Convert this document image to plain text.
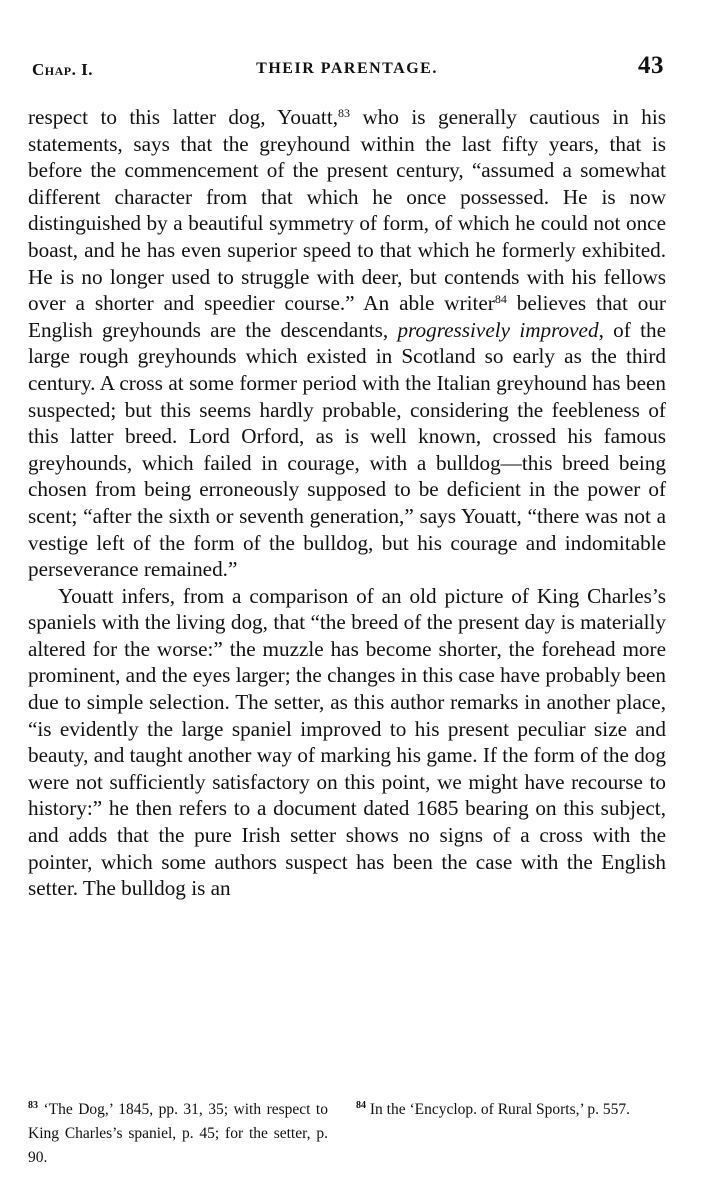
Chap. I.	THEIR PARENTAGE.	43

respect to this latter dog, Youatt,$^{83}$ who is generally cautious in his statements, says that the greyhound within the last fifty years, that is before the commencement of the present century, “assumed a somewhat different character from that which he once possessed. He is now distinguished by a beautiful symmetry of form, of which he could not once boast, and he has even superior speed to that which he formerly exhibited. He is no longer used to struggle with deer, but contends with his fellows over a shorter and speedier course.” An able writer$^{84}$ believes that our English greyhounds are the descendants, progressively improved, of the large rough greyhounds which existed in Scotland so early as the third century. A cross at some former period with the Italian greyhound has been suspected; but this seems hardly probable, considering the feebleness of this latter breed. Lord Orford, as is well known, crossed his famous greyhounds, which failed in courage, with a bulldog—this breed being chosen from being erroneously supposed to be deficient in the power of scent; “after the sixth or seventh generation,” says Youatt, “there was not a vestige left of the form of the bulldog, but his courage and indomitable perseverance remained.”

Youatt infers, from a comparison of an old picture of King Charles’s spaniels with the living dog, that “the breed of the present day is materially altered for the worse:” the muzzle has become shorter, the forehead more prominent, and the eyes larger; the changes in this case have probably been due to simple selection. The setter, as this author remarks in another place, “is evidently the large spaniel improved to his present peculiar size and beauty, and taught another way of marking his game. If the form of the dog were not sufficiently satisfactory on this point, we might have recourse to history:” he then refers to a document dated 1685 bearing on this subject, and adds that the pure Irish setter shows no signs of a cross with the pointer, which some authors suspect has been the case with the English setter. The bulldog is an

$^{83}$ ‘The Dog,’ 1845, pp. 31, 35; with respect to King Charles’s spaniel, p. 45; for the setter, p. 90.
$^{84}$ In the ‘Encyclop. of Rural Sports,’ p. 557.
